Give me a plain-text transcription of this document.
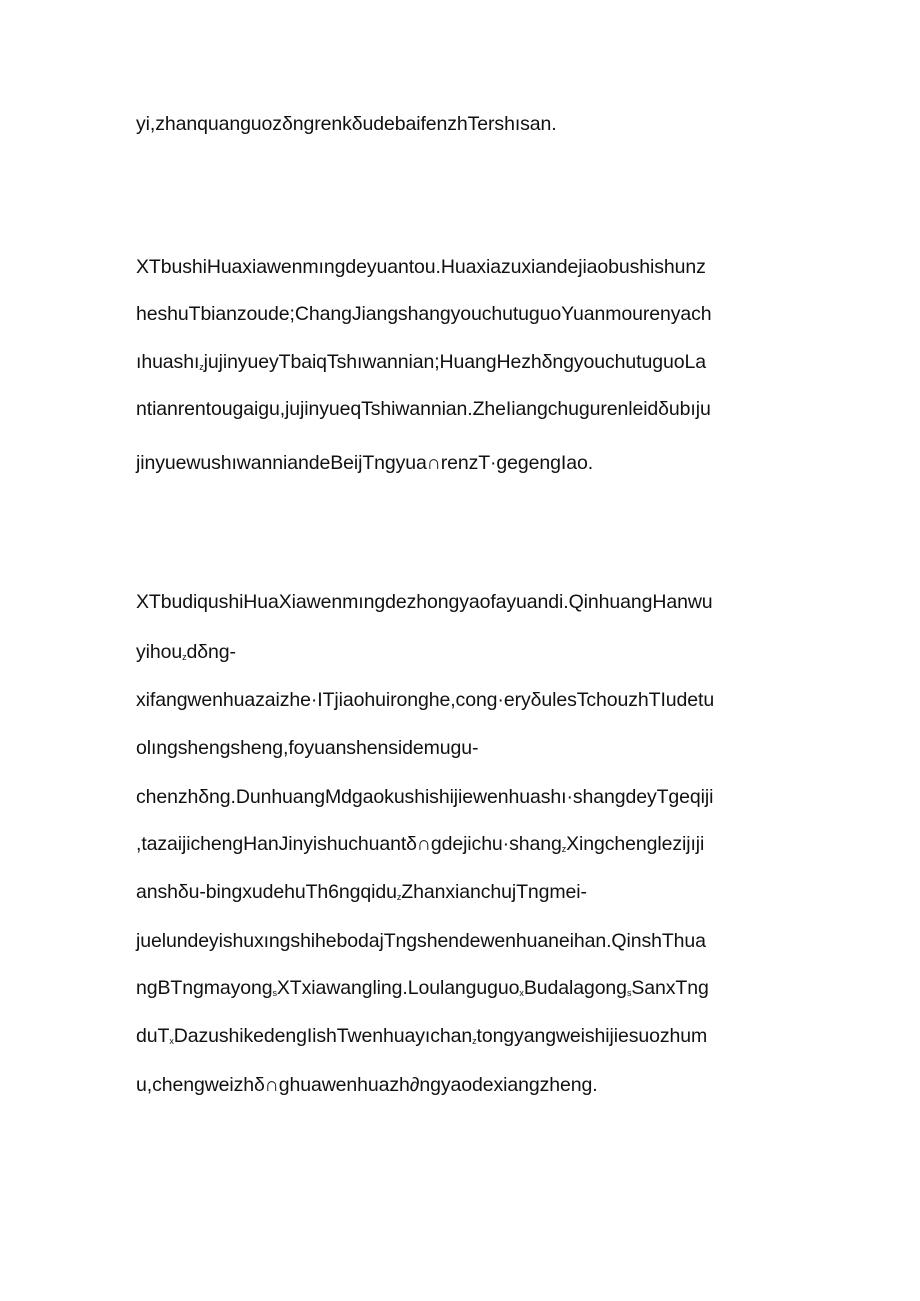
yi,zhanquanguozδngrenkδudebaifenzhTershısan.
XTbushiHuaxiawenmıngdeyuantou.Huaxiazuxiandejiaobushishunz
heshuTbianzoude;ChangJiangshangyouchutuguoYuanmourenyach
ıhuashı$_z$jujinyueyTbaiqTshıwannian;HuangHezhδngyouchutuguoLa
ntianrentougaigu,jujinyueqTshiwannian.ZheIiangchugurenleidδubıju
jinyuewushıwanniandeBeijTngyua∩renzT·gegengIao.
XTbudiqushiHuaXiawenmıngdezhongyaofayuandi.QinhuangHanwu
yihou$_z$dδng-
xifangwenhuazaizhe·ITjiaohuironghe,cong·eryδulesTchouzhTIudetu
olıngshengsheng,foyuanshensidemugu-
chenzhδng.DunhuangMdgaokushishijiewenhuashı·shangdeyTgeqiji
,tazaijichengHanJinyishuchuantδ∩gdejichu·shang$_z$Xingchenglezijıji
anshδu-bingxudehuTh6ngqidu$_z$ZhanxianchujTngmei-
juelundeyishuxıngshihebodajTngshendewenhuaneihan.QinshThua
ngBTngmayong$_s$XTxiawangling.Loulanguguo$_x$Budalagong$_s$SanxTng
duT$_x$DazushikedengIishTwenhuayıchan$_z$tongyangweishijiesuozhum
u,chengweizhδ∩ghuawenhuazh∂ngyaodexiangzheng.
